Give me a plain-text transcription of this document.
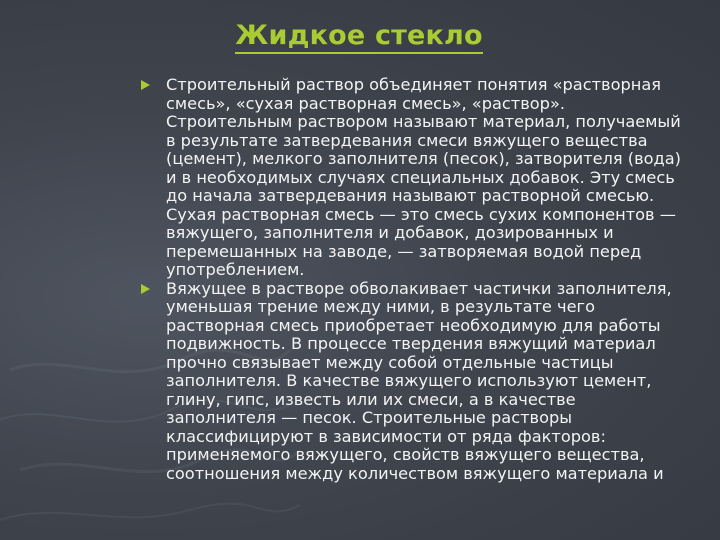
Жидкое стекло
Строительный раствор объединяет понятия «растворная смесь», «сухая растворная смесь», «раствор». Строительным раствором называют материал, получаемый в результате затвердевания смеси вяжущего вещества (цемент), мелкого заполнителя (песок), затворителя (вода) и в необходимых случаях специальных добавок. Эту смесь до начала затвердевания называют растворной смесью. Сухая растворная смесь — это смесь сухих компонентов — вяжущего, заполнителя и добавок, дозированных и перемешанных на заводе, — затворяемая водой перед употреблением.
Вяжущее в растворе обволакивает частички заполнителя, уменьшая трение между ними, в результате чего растворная смесь приобретает необходимую для работы подвижность. В процессе твердения вяжущий материал прочно связывает между собой отдельные частицы заполнителя. В качестве вяжущего используют цемент, глину, гипс, известь или их смеси, а в качестве заполнителя — песок. Строительные растворы классифицируют в зависимости от ряда факторов: применяемого вяжущего, свойств вяжущего вещества, соотношения между количеством вяжущего материала и
